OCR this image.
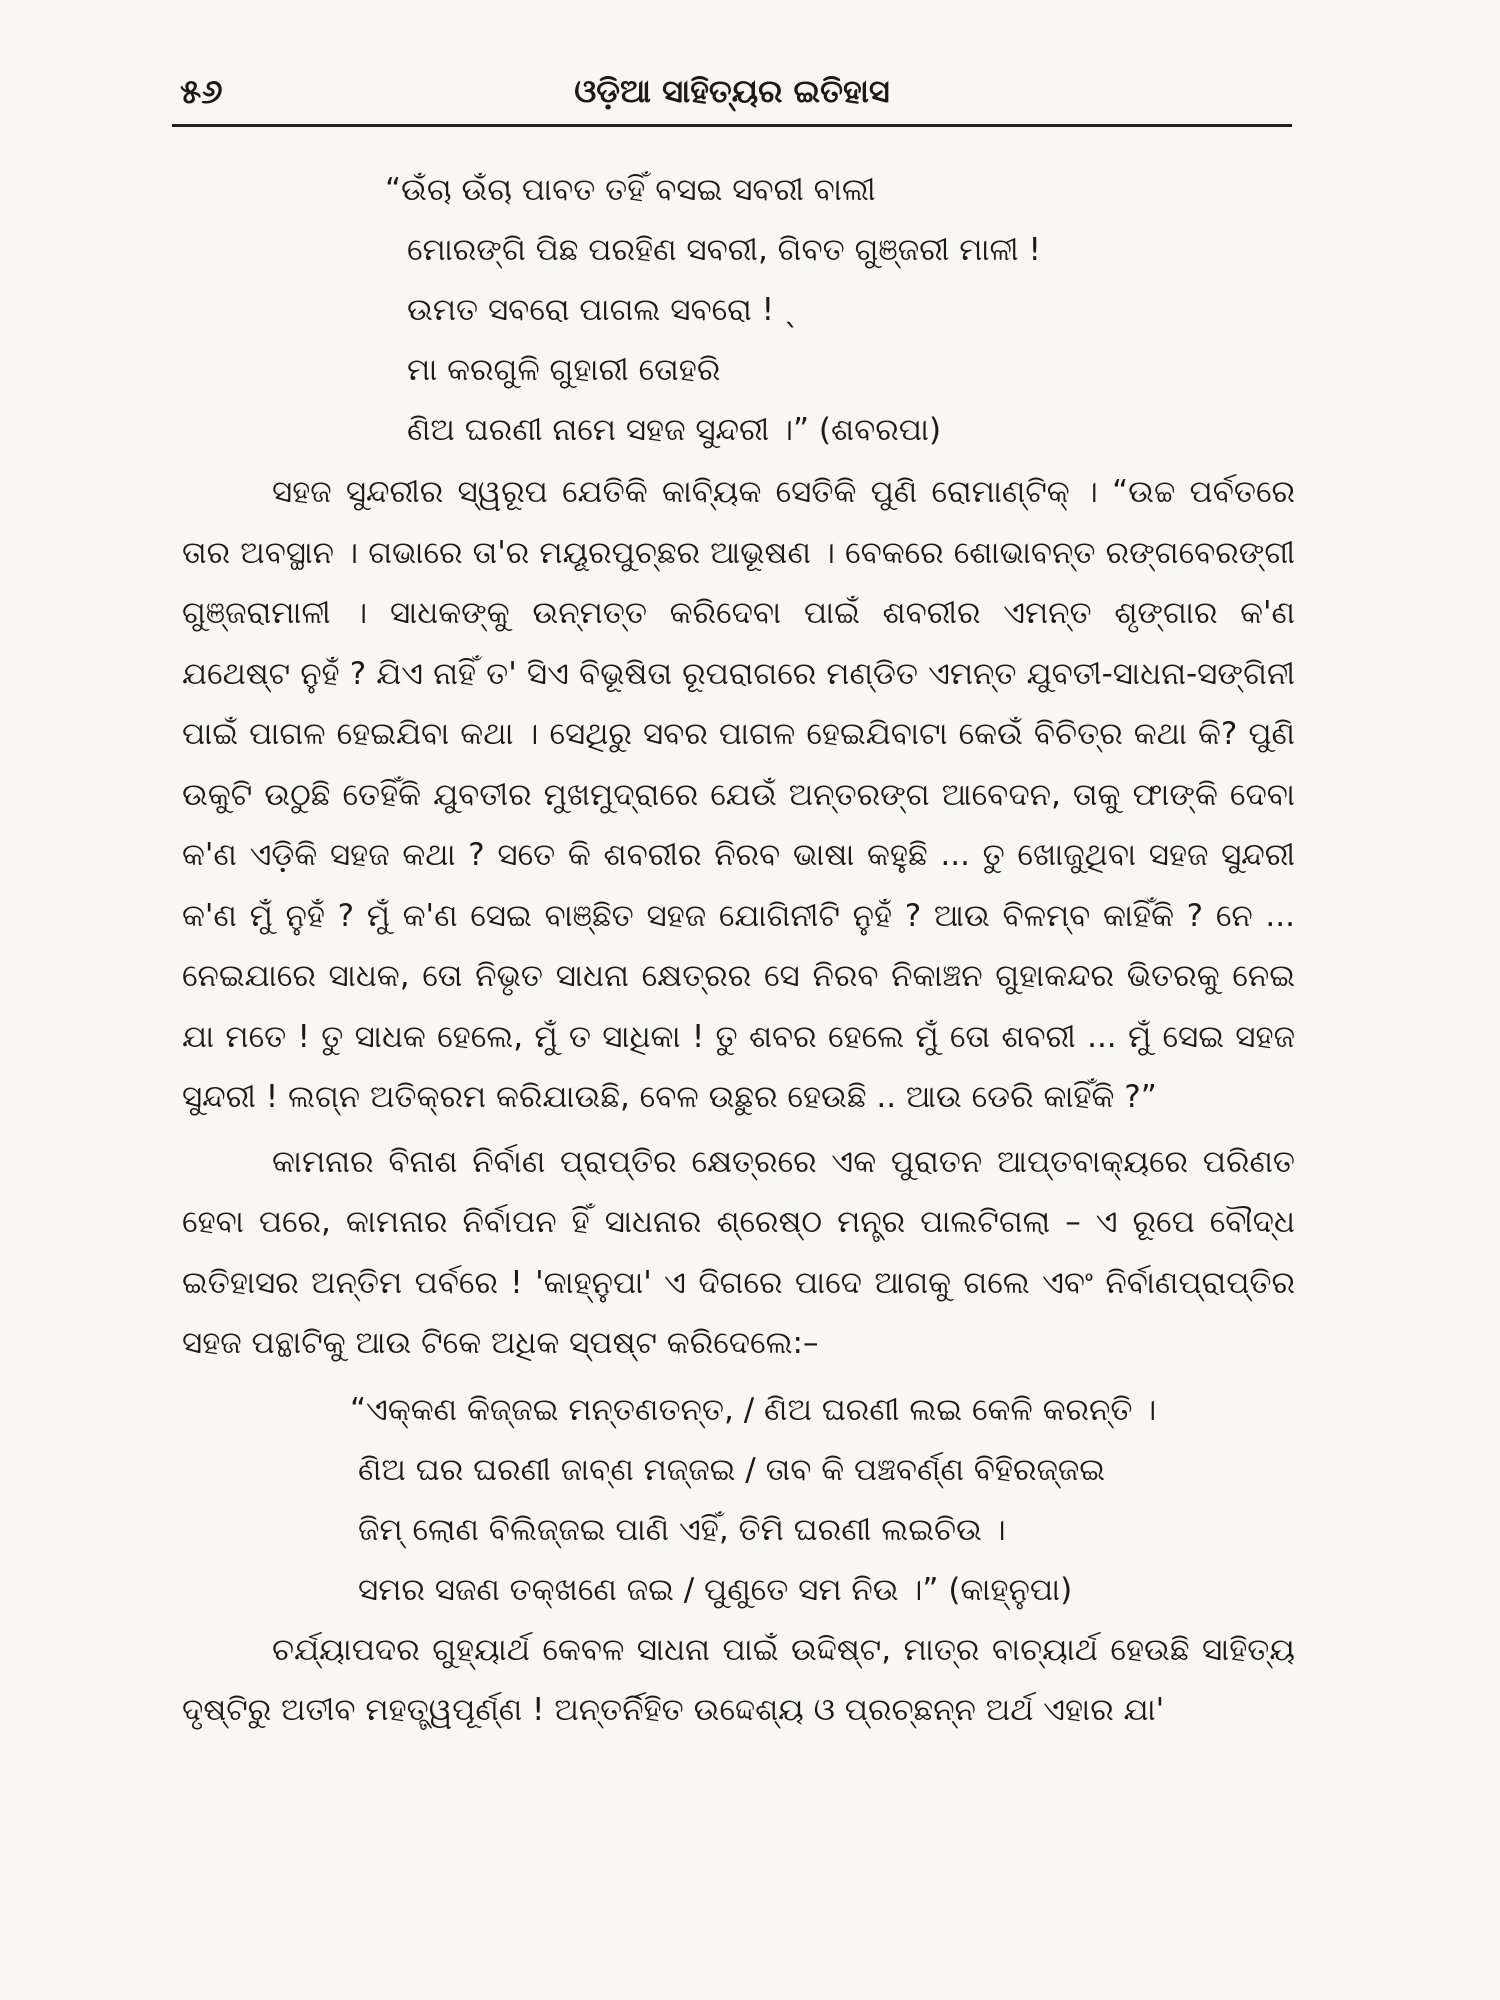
୫୬	ଓଡ଼ିଆ ସାହିତ୍ୟର ଇତିହାସ
“ଉଁଚା ଉଁଚା ପାବତ ତହିଁ ବସଇ ସବରୀ ବାଲୀ
ମୋରଙ୍ଗି ପିଛ ପରହିଣ ସବରୀ, ଗିବତ ଗୁଞ୍ଜରୀ ମାଳୀ !
ଉମତ ସବରୋ ପାଗଲ ସବରୋ ! ˎ
ମା କରଗୁଳି ଗୁହାରୀ ତୋହରି
ଣିଅ ଘରଣୀ ନାମେ ସହଜ ସୁନ୍ଦରୀ ।” (ଶବରପା)

ସହଜ ସୁନ୍ଦରୀର ସ୍ୱରୂପ ଯେତିକି କାବ୍ୟିକ ସେତିକି ପୁଣି ରୋମାଣ୍ଟିକ୍ । “ଉଚ୍ଚ ପର୍ବତରେ ତାର ଅବସ୍ଥାନ । ଗଭାରେ ତା'ର ମୟୂରପୁଚ୍ଛର ଆଭୂଷଣ । ବେକରେ ଶୋଭାବନ୍ତ ରଙ୍ଗବେରଙ୍ଗୀ ଗୁଞ୍ଜରାମାଳୀ । ସାଧକଙ୍କୁ ଉନ୍ମତ୍ତ କରିଦେବା ପାଇଁ ଶବରୀର ଏମନ୍ତ ଶୃଙ୍ଗାର କ'ଣ ଯଥେଷ୍ଟ ନୁହଁ ? ଯିଏ ନାହିଁ ତ' ସିଏ ବିଭୂଷିତା ରୂପରାଗରେ ମଣ୍ଡିତ ଏମନ୍ତ ଯୁବତୀ-ସାଧନା-ସଙ୍ଗିନୀ ପାଇଁ ପାଗଳ ହେଇଯିବା କଥା । ସେଥିରୁ ସବର ପାଗଳ ହେଇଯିବାଟା କେଉଁ ବିଚିତ୍ର କଥା କି? ପୁଣି ଉକୁଟି ଉଠୁଛି ତେହିଁକି ଯୁବତୀର ମୁଖମୁଦ୍ରାରେ ଯେଉଁ ଅନ୍ତରଙ୍ଗ ଆବେଦନ, ତାକୁ ଫାଙ୍କି ଦେବା କ'ଣ ଏଡ଼ିକି ସହଜ କଥା ? ସତେ କି ଶବରୀର ନିରବ ଭାଷା କହୁଛି ... ତୁ ଖୋଜୁଥିବା ସହଜ ସୁନ୍ଦରୀ କ'ଣ ମୁଁ ନୁହଁ ? ମୁଁ କ'ଣ ସେଇ ବାଞ୍ଛିତ ସହଜ ଯୋଗିନୀଟି ନୁହଁ ? ଆଉ ବିଳମ୍ବ କାହିଁକି ? ନେ ... ନେଇଯାରେ ସାଧକ, ତୋ ନିଭୃତ ସାଧନା କ୍ଷେତ୍ରର ସେ ନିରବ ନିକାଞ୍ଚନ ଗୁହାକନ୍ଦର ଭିତରକୁ ନେଇ ଯା ମତେ ! ତୁ ସାଧକ ହେଲେ, ମୁଁ ତ ସାଧିକା ! ତୁ ଶବର ହେଲେ ମୁଁ ତୋ ଶବରୀ ... ମୁଁ ସେଇ ସହଜ ସୁନ୍ଦରୀ ! ଲଗ୍ନ ଅତିକ୍ରମ କରିଯାଉଛି, ବେଳ ଉଛୁର ହେଉଛି .. ଆଉ ଡେରି କାହିଁକି ?”

କାମନାର ବିନାଶ ନିର୍ବାଣ ପ୍ରାପ୍ତିର କ୍ଷେତ୍ରରେ ଏକ ପୁରାତନ ଆପ୍ତବାକ୍ୟରେ ପରିଣତ ହେବା ପରେ, କାମନାର ନିର୍ବାପନ ହିଁ ସାଧନାର ଶ୍ରେଷ୍ଠ ମନ୍ତ୍ର ପାଲଟିଗଲା – ଏ ରୂପେ ବୌଦ୍ଧ ଇତିହାସର ଅନ୍ତିମ ପର୍ବରେ ! 'କାହ୍ନୁପା' ଏ ଦିଗରେ ପାଦେ ଆଗକୁ ଗଲେ ଏବଂ ନିର୍ବାଣପ୍ରାପ୍ତିର ସହଜ ପନ୍ଥାଟିକୁ ଆଉ ଟିକେ ଅଧିକ ସ୍ପଷ୍ଟ କରିଦେଲେ:–

“ଏକ୍‌କଣ କିଜ୍‌ଜଇ ମନ୍ତଣତନ୍ତ, / ଣିଅ ଘରଣୀ ଲଇ କେଳି କରନ୍ତି ।
ଣିଅ ଘର ଘରଣୀ ଜାବ୍‌ଣ ମଜ୍‌ଜଇ / ତାବ କି ପଞ୍ଚବର୍ଣ୍ଣ ବିହିରଜ୍‌ଜଇ
ଜିମ୍‌ ଲୋଣ ବିଲିଜ୍‌ଜଇ ପାଣି ଏହିଁ, ତିମି ଘରଣୀ ଲଇଚିଉ ।
ସମର ସଜଣ ତକ୍‌ଖଣେ ଜଇ / ପୁଣୁତେ ସମ ନିଉ ।” (କାହ୍ନୁପା)

ଚର୍ଯ୍ୟାପଦର ଗୁହ୍ୟାର୍ଥ କେବଳ ସାଧନା ପାଇଁ ଉଦ୍ଦିଷ୍ଟ, ମାତ୍ର ବାଚ୍ୟାର୍ଥ ହେଉଛି ସାହିତ୍ୟ ଦୃଷ୍ଟିରୁ ଅତୀବ ମହତ୍ତ୍ୱପୂର୍ଣ୍ଣ ! ଅନ୍ତର୍ନିହିତ ଉଦ୍ଦେଶ୍ୟ ଓ ପ୍ରଚ୍ଛନ୍ନ ଅର୍ଥ ଏହାର ଯା'
